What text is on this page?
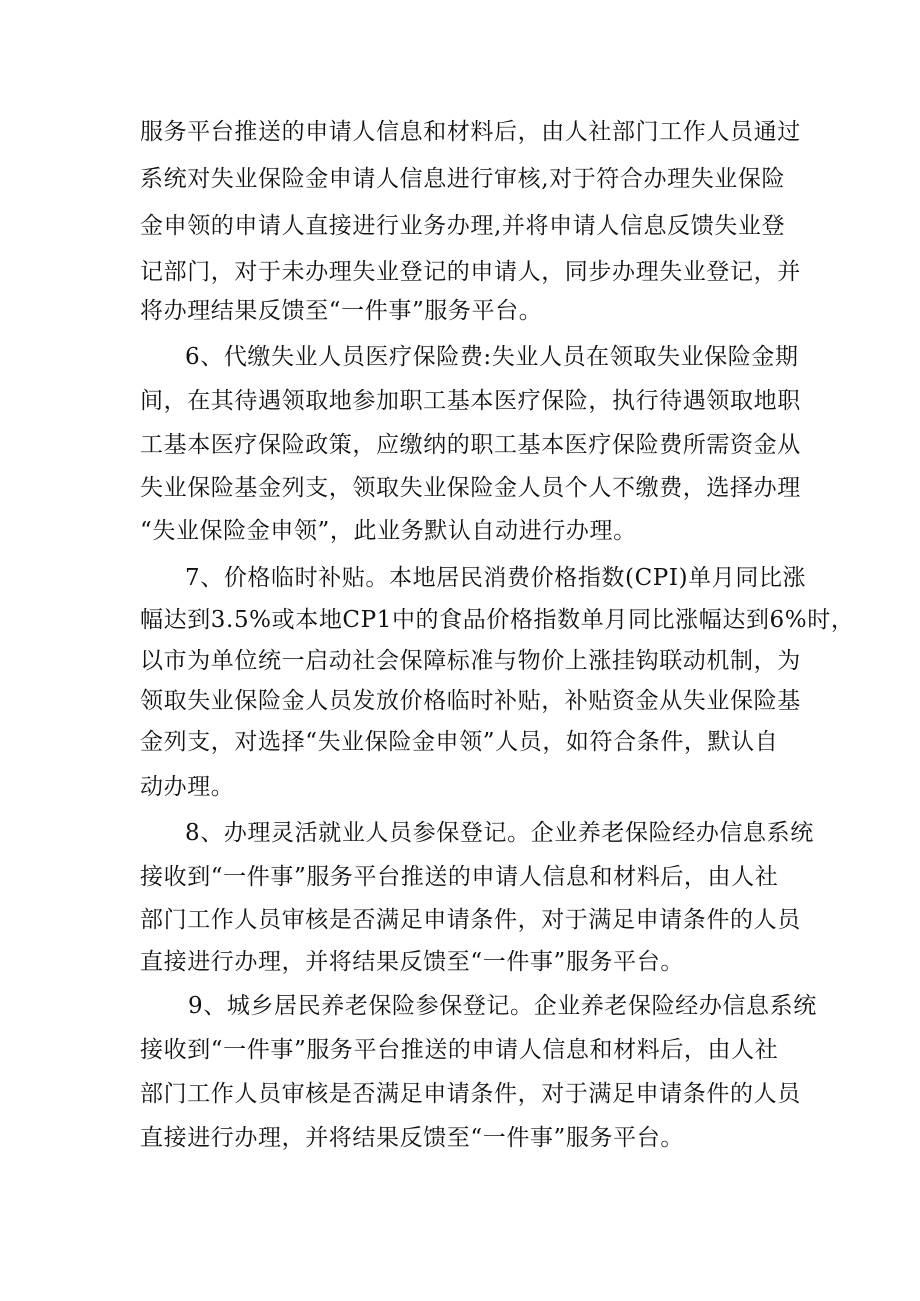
服务平台推送的申请人信息和材料后，由人社部门工作人员通过
系统对失业保险金申请人信息进行审核,对于符合办理失业保险
金申领的申请人直接进行业务办理,并将申请人信息反馈失业登
记部门，对于未办理失业登记的申请人，同步办理失业登记，并
将办理结果反馈至“一件事”服务平台。
6、代缴失业人员医疗保险费:失业人员在领取失业保险金期
间，在其待遇领取地参加职工基本医疗保险，执行待遇领取地职
工基本医疗保险政策，应缴纳的职工基本医疗保险费所需资金从
失业保险基金列支，领取失业保险金人员个人不缴费，选择办理
“失业保险金申领”，此业务默认自动进行办理。
7、价格临时补贴。本地居民消费价格指数(CPI)单月同比涨
幅达到3.5%或本地CP1中的食品价格指数单月同比涨幅达到6%时，
以市为单位统一启动社会保障标准与物价上涨挂钩联动机制，为
领取失业保险金人员发放价格临时补贴，补贴资金从失业保险基
金列支，对选择“失业保险金申领”人员，如符合条件，默认自
动办理。
8、办理灵活就业人员参保登记。企业养老保险经办信息系统
接收到“一件事”服务平台推送的申请人信息和材料后，由人社
部门工作人员审核是否满足申请条件，对于满足申请条件的人员
直接进行办理，并将结果反馈至“一件事”服务平台。
9、城乡居民养老保险参保登记。企业养老保险经办信息系统
接收到“一件事”服务平台推送的申请人信息和材料后，由人社
部门工作人员审核是否满足申请条件，对于满足申请条件的人员
直接进行办理，并将结果反馈至“一件事”服务平台。
